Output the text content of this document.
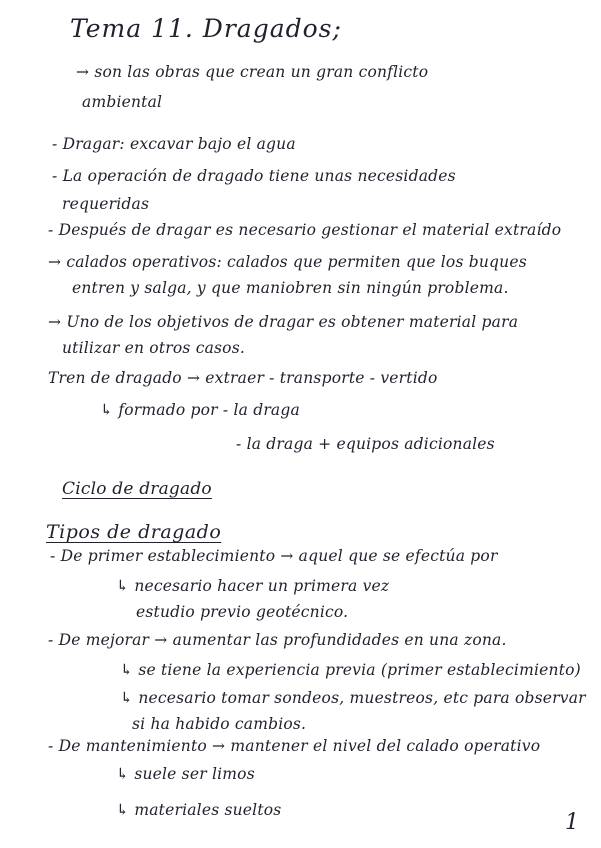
Tema 11. Dragados;
→ son las obras que crean un gran conflicto
ambiental
- Dragar: excavar bajo el agua
- La operación de dragado tiene unas necesidades
requeridas
- Después de dragar es necesario gestionar el material extraído
→ calados operativos: calados que permiten que los buques
entren y salga, y que maniobren sin ningún problema.
→ Uno de los objetivos de dragar es obtener material para
utilizar en otros casos.
Tren de dragado → extraer - transporte - vertido
↳ formado por - la draga
- la draga + equipos adicionales
Ciclo de dragado
Tipos de dragado
- De primer establecimiento → aquel que se efectúa por
↳ necesario hacer un primera vez
estudio previo geotécnico.
- De mejorar → aumentar las profundidades en una zona.
↳ se tiene la experiencia previa (primer establecimiento)
↳ necesario tomar sondeos, muestreos, etc para observar
si ha habido cambios.
- De mantenimiento → mantener el nivel del calado operativo
↳ suele ser limos
↳ materiales sueltos	1
